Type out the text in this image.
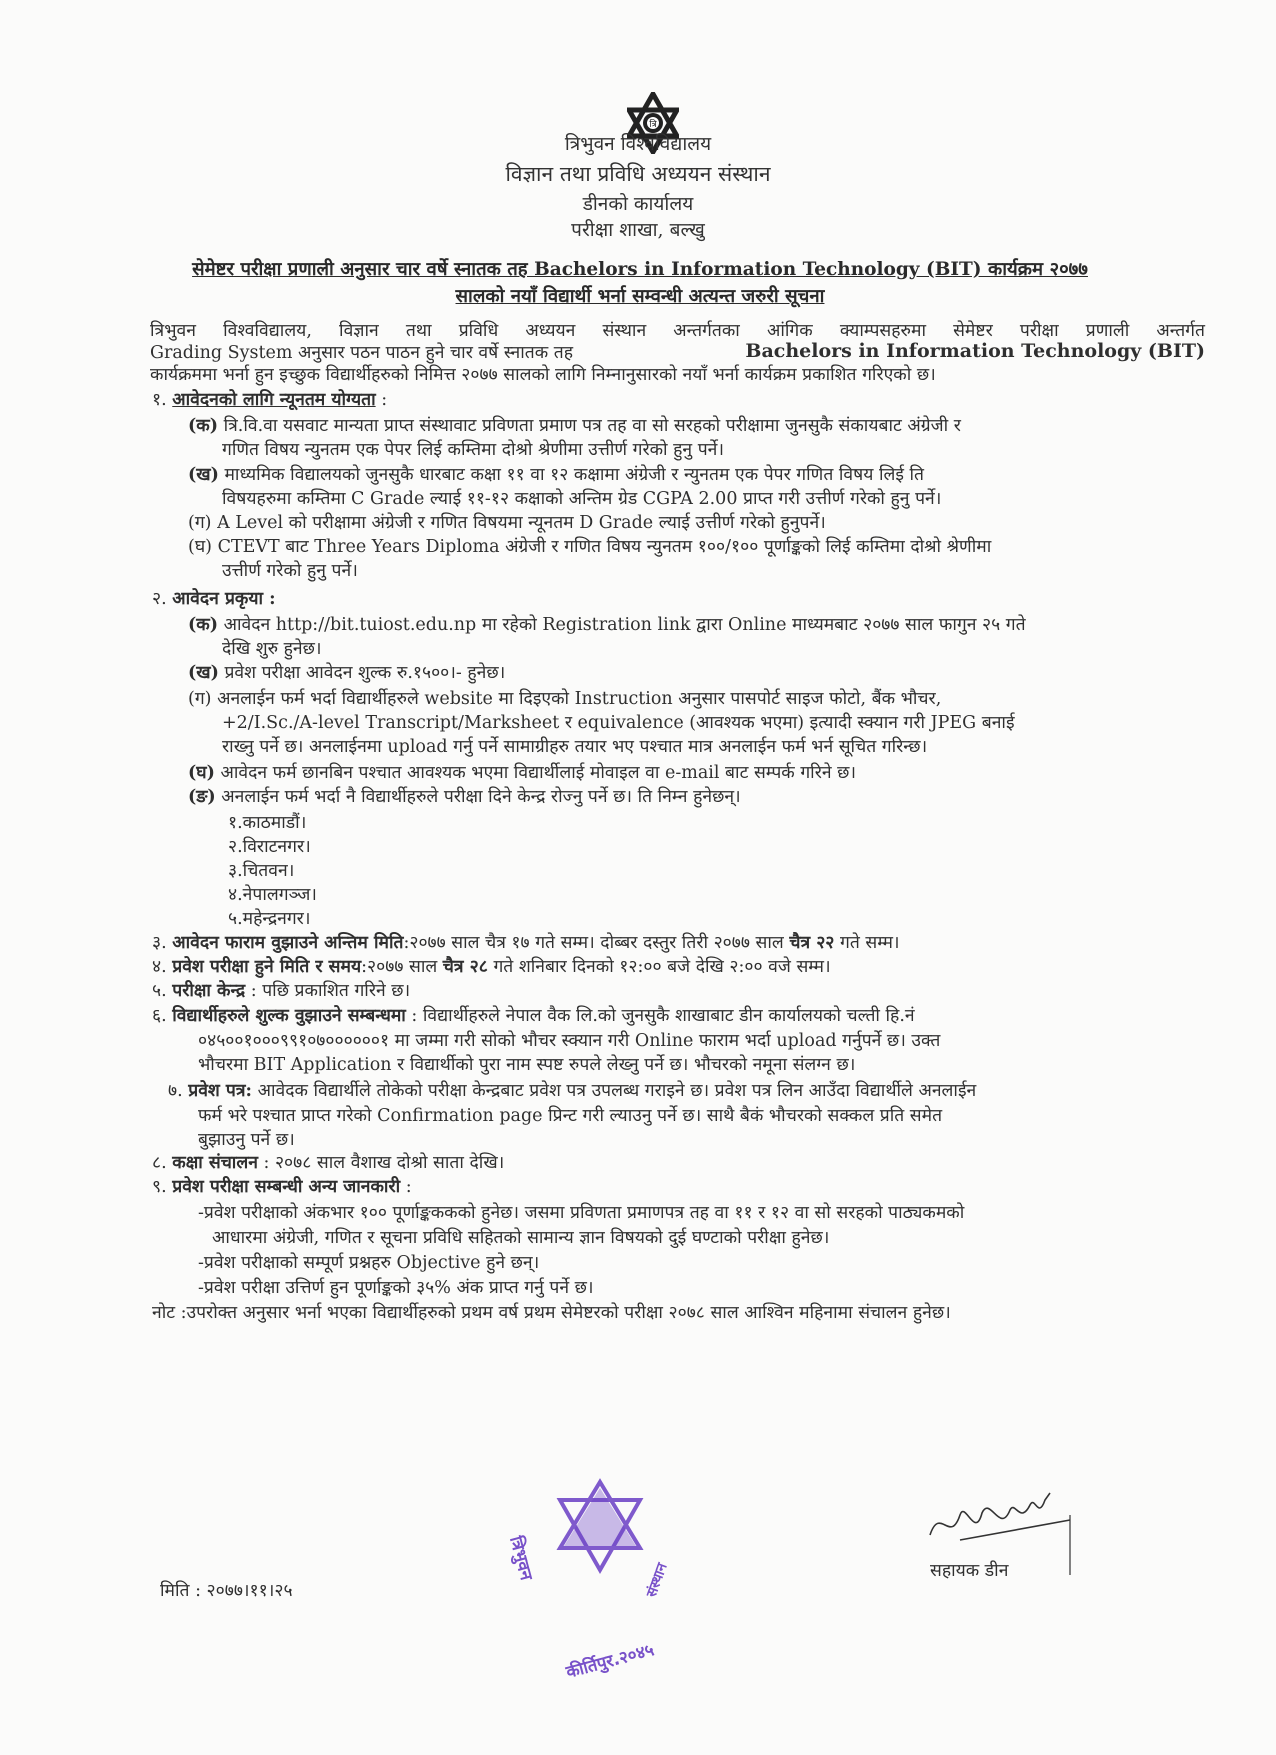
त्रि
त्रिभुवन विश्वविद्यालय
विज्ञान तथा प्रविधि अध्ययन संस्थान
डीनको कार्यालय
परीक्षा शाखा, बल्खु
सेमेष्टर परीक्षा प्रणाली अनुसार चार वर्षे स्नातक तह Bachelors in Information Technology (BIT) कार्यक्रम २०७७
सालको नयाँ विद्यार्थी भर्ना सम्वन्धी अत्यन्त जरुरी सूचना
त्रिभुवन विश्वविद्यालय, विज्ञान तथा प्रविधि अध्ययन संस्थान अन्तर्गतका आंगिक क्याम्पसहरुमा सेमेष्टर परीक्षा प्रणाली अन्तर्गत
Grading System अनुसार पठन पाठन हुने चार वर्षे स्नातक तह	Bachelors in Information Technology (BIT)
कार्यक्रममा भर्ना हुन इच्छुक विद्यार्थीहरुको निमित्त २०७७ सालको लागि निम्नानुसारको नयाँ भर्ना कार्यक्रम प्रकाशित गरिएको छ।
१. आवेदनको लागि न्यूनतम योग्यता :
(क) त्रि.वि.वा यसवाट मान्यता प्राप्त संस्थावाट प्रविणता प्रमाण पत्र तह वा सो सरहको परीक्षामा जुनसुकै संकायबाट अंग्रेजी र
गणित विषय न्युनतम एक पेपर लिई कम्तिमा दोश्रो श्रेणीमा उत्तीर्ण गरेको हुनु पर्ने।
(ख) माध्यमिक विद्यालयको जुनसुकै धारबाट कक्षा ११ वा १२ कक्षामा अंग्रेजी र न्युनतम एक पेपर गणित विषय लिई ति
विषयहरुमा कम्तिमा C Grade ल्याई ११-१२ कक्षाको अन्तिम ग्रेड CGPA 2.00 प्राप्त गरी उत्तीर्ण गरेको हुनु पर्ने।
(ग) A Level को परीक्षामा अंग्रेजी र गणित विषयमा न्यूनतम D Grade ल्याई उत्तीर्ण गरेको हुनुपर्ने।
(घ) CTEVT बाट Three Years Diploma अंग्रेजी र गणित विषय न्युनतम १००/१०० पूर्णाङ्कको लिई कम्तिमा दोश्रो श्रेणीमा
उत्तीर्ण गरेको हुनु पर्ने।
२. आवेदन प्रकृया :
(क) आवेदन http://bit.tuiost.edu.np मा रहेको Registration link द्वारा Online माध्यमबाट २०७७ साल फागुन २५ गते
देखि शुरु हुनेछ।
(ख) प्रवेश परीक्षा आवेदन शुल्क रु.१५००।- हुनेछ।
(ग) अनलाईन फर्म भर्दा विद्यार्थीहरुले website मा दिइएको Instruction अनुसार पासपोर्ट साइज फोटो, बैंक भौचर,
+2/I.Sc./A-level Transcript/Marksheet र equivalence (आवश्यक भएमा) इत्यादी स्क्यान गरी JPEG बनाई
राख्नु पर्ने छ। अनलाईनमा upload गर्नु पर्ने सामाग्रीहरु तयार भए पश्चात मात्र अनलाईन फर्म भर्न सूचित गरिन्छ।
(घ) आवेदन फर्म छानबिन पश्चात आवश्यक भएमा विद्यार्थीलाई मोवाइल वा e-mail बाट सम्पर्क गरिने छ।
(ङ) अनलाईन फर्म भर्दा नै विद्यार्थीहरुले परीक्षा दिने केन्द्र रोज्नु पर्ने छ। ति निम्न हुनेछन्।
१.काठमाडौं।
२.विराटनगर।
३.चितवन।
४.नेपालगञ्ज।
५.महेन्द्रनगर।
३. आवेदन फाराम वुझाउने अन्तिम मिति:२०७७ साल चैत्र १७ गते सम्म। दोब्बर दस्तुर तिरी २०७७ साल चैत्र २२ गते सम्म।
४. प्रवेश परीक्षा हुने मिति र समय:२०७७ साल चैत्र २८ गते शनिबार दिनको १२:०० बजे देखि २:०० वजे सम्म।
५. परीक्षा केन्द्र : पछि प्रकाशित गरिने छ।
६. विद्यार्थीहरुले शुल्क वुझाउने सम्बन्धमा : विद्यार्थीहरुले नेपाल वैक लि.को जुनसुकै शाखाबाट डीन कार्यालयको चल्ती हि.नं
०४५००१०००९९१०७००००००१ मा जम्मा गरी सोको भौचर स्क्यान गरी Online फाराम भर्दा upload गर्नुपर्ने छ। उक्त
भौचरमा BIT Application र विद्यार्थीको पुरा नाम स्पष्ट रुपले लेख्नु पर्ने छ। भौचरको नमूना संलग्न छ।
७. प्रवेश पत्र: आवेदक विद्यार्थीले तोकेको परीक्षा केन्द्रबाट प्रवेश पत्र उपलब्ध गराइने छ। प्रवेश पत्र लिन आउँदा विद्यार्थीले अनलाईन
फर्म भरे पश्चात प्राप्त गरेको Confirmation page प्रिन्ट गरी ल्याउनु पर्ने छ। साथै बैकं भौचरको सक्कल प्रति समेत
बुझाउनु पर्ने छ।
८. कक्षा संचालन : २०७८ साल वैशाख दोश्रो साता देखि।
९. प्रवेश परीक्षा सम्बन्धी अन्य जानकारी :
-प्रवेश परीक्षाको अंकभार १०० पूर्णाङ्कककको हुनेछ। जसमा प्रविणता प्रमाणपत्र तह वा ११ र १२ वा सो सरहको पाठ्यकमको
आधारमा अंग्रेजी, गणित र सूचना प्रविधि सहितको सामान्य ज्ञान विषयको दुई घण्टाको परीक्षा हुनेछ।
-प्रवेश परीक्षाको सम्पूर्ण प्रश्नहरु Objective हुने छन्।
-प्रवेश परीक्षा उत्तिर्ण हुन पूर्णाङ्कको ३५% अंक प्राप्त गर्नु पर्ने छ।
नोट :उपरोक्त अनुसार भर्ना भएका विद्यार्थीहरुको प्रथम वर्ष प्रथम सेमेष्टरको परीक्षा २०७८ साल आश्विन महिनामा संचालन हुनेछ।
मिति : २०७७।११।२५
त्रिभुवन
कीर्तिपुर.२०४५
संस्थान	सहायक डीन
